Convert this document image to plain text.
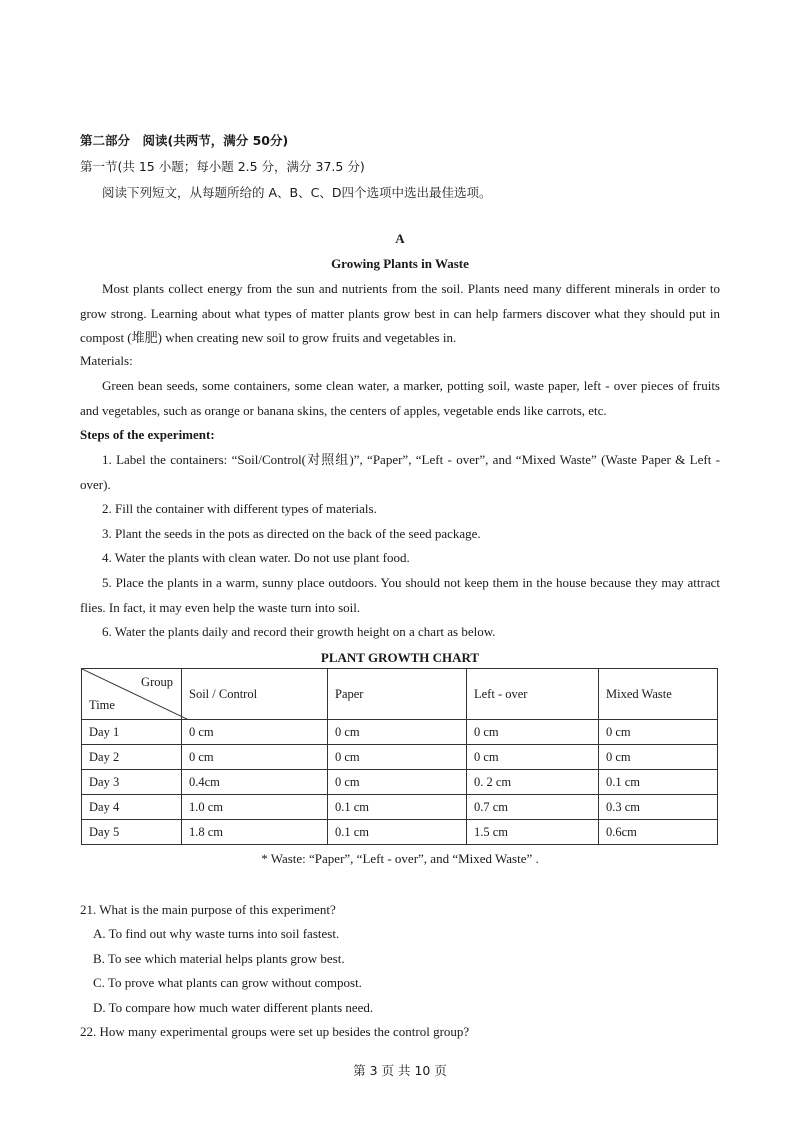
第二部分　阅读(共两节，满分 50分)
第一节(共 15 小题；每小题 2.5 分，满分 37.5 分)
阅读下列短文，从每题所给的 A、B、C、D四个选项中选出最佳选项。
A
Growing Plants in Waste
Most plants collect energy from the sun and nutrients from the soil. Plants need many different minerals in order to grow strong. Learning about what types of matter plants grow best in can help farmers discover what they should put in compost (堆肥) when creating new soil to grow fruits and vegetables in.
Materials:
Green bean seeds, some containers, some clean water, a marker, potting soil, waste paper, left - over pieces of fruits and vegetables, such as orange or banana skins, the centers of apples, vegetable ends like carrots, etc.
Steps of the experiment:
1. Label the containers: “Soil/Control(对照组)”, “Paper”, “Left - over”, and “Mixed Waste” (Waste Paper & Left - over).
2. Fill the container with different types of materials.
3. Plant the seeds in the pots as directed on the back of the seed package.
4. Water the plants with clean water. Do not use plant food.
5. Place the plants in a warm, sunny place outdoors. You should not keep them in the house because they may attract flies. In fact, it may even help the waste turn into soil.
6. Water the plants daily and record their growth height on a chart as below.
PLANT GROWTH CHART
Group
Time	Soil / Control	Paper	Left - over	Mixed Waste
Day 1	0 cm	0 cm	0 cm	0 cm
Day 2	0 cm	0 cm	0 cm	0 cm
Day 3	0.4cm	0 cm	0. 2 cm	0.1 cm
Day 4	1.0 cm	0.1 cm	0.7 cm	0.3 cm
Day 5	1.8 cm	0.1 cm	1.5 cm	0.6cm
* Waste: “Paper”, “Left - over”, and “Mixed Waste” .
21. What is the main purpose of this experiment?
A. To find out why waste turns into soil fastest.
B. To see which material helps plants grow best.
C. To prove what plants can grow without compost.
D. To compare how much water different plants need.
22. How many experimental groups were set up besides the control group?
第 3 页 共 10 页
